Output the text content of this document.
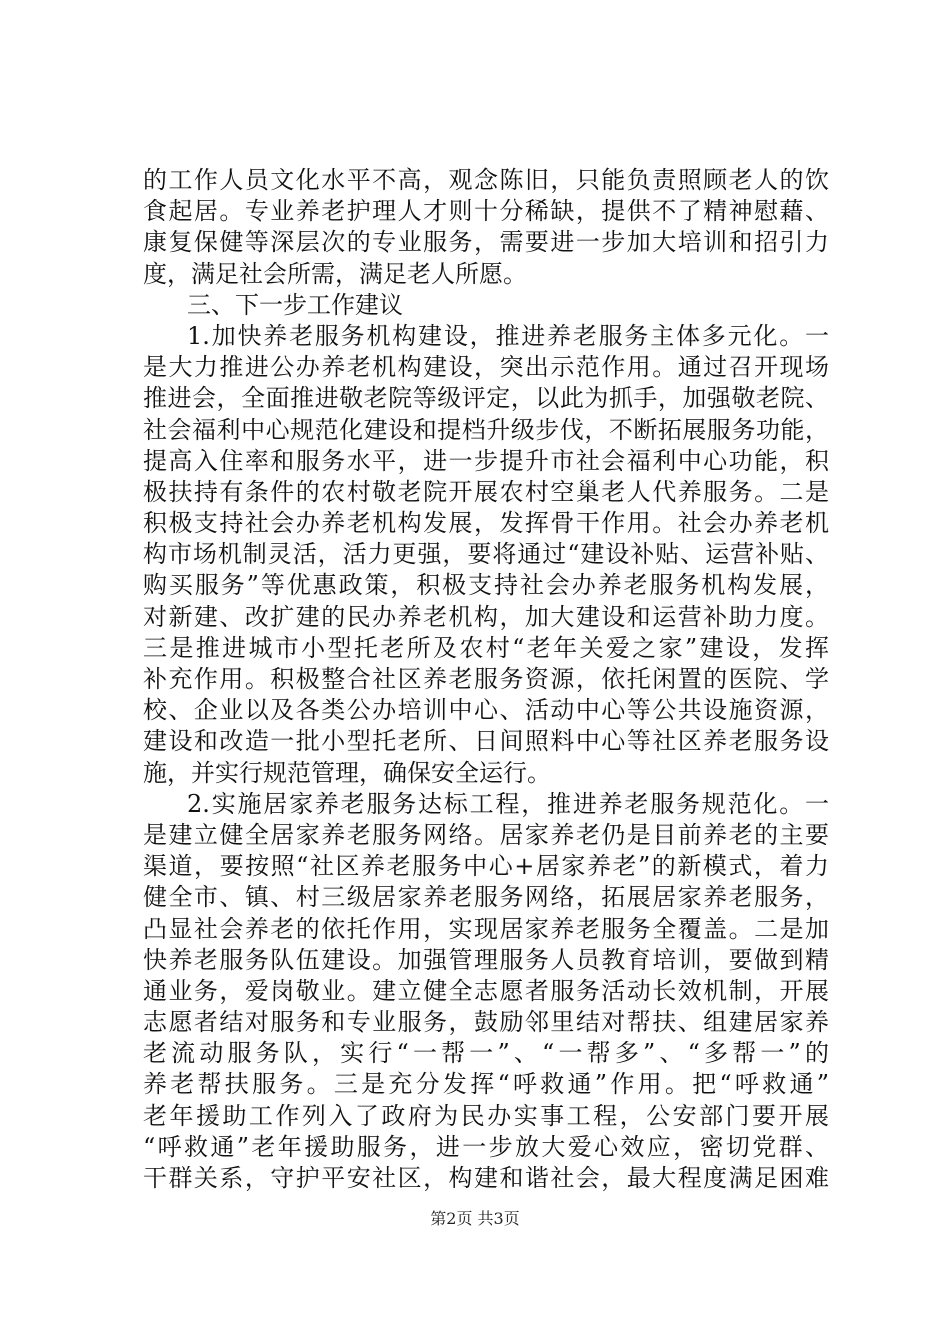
的工作人员文化水平不高，观念陈旧，只能负责照顾老人的饮
食起居。专业养老护理人才则十分稀缺，提供不了精神慰藉、
康复保健等深层次的专业服务，需要进一步加大培训和招引力
度，满足社会所需，满足老人所愿。
三、下一步工作建议
1.加快养老服务机构建设，推进养老服务主体多元化。一
是大力推进公办养老机构建设，突出示范作用。通过召开现场
推进会，全面推进敬老院等级评定，以此为抓手，加强敬老院、
社会福利中心规范化建设和提档升级步伐，不断拓展服务功能，
提高入住率和服务水平，进一步提升市社会福利中心功能，积
极扶持有条件的农村敬老院开展农村空巢老人代养服务。二是
积极支持社会办养老机构发展，发挥骨干作用。社会办养老机
构市场机制灵活，活力更强，要将通过“建设补贴、运营补贴、
购买服务”等优惠政策，积极支持社会办养老服务机构发展，
对新建、改扩建的民办养老机构，加大建设和运营补助力度。
三是推进城市小型托老所及农村“老年关爱之家”建设，发挥
补充作用。积极整合社区养老服务资源，依托闲置的医院、学
校、企业以及各类公办培训中心、活动中心等公共设施资源，
建设和改造一批小型托老所、日间照料中心等社区养老服务设
施，并实行规范管理，确保安全运行。
2.实施居家养老服务达标工程，推进养老服务规范化。一
是建立健全居家养老服务网络。居家养老仍是目前养老的主要
渠道，要按照“社区养老服务中心+居家养老”的新模式，着力
健全市、镇、村三级居家养老服务网络，拓展居家养老服务，
凸显社会养老的依托作用，实现居家养老服务全覆盖。二是加
快养老服务队伍建设。加强管理服务人员教育培训，要做到精
通业务，爱岗敬业。建立健全志愿者服务活动长效机制，开展
志愿者结对服务和专业服务，鼓励邻里结对帮扶、组建居家养
老流动服务队，实行“一帮一”、“一帮多”、“多帮一”的
养老帮扶服务。三是充分发挥“呼救通”作用。把“呼救通”
老年援助工作列入了政府为民办实事工程，公安部门要开展
“呼救通”老年援助服务，进一步放大爱心效应，密切党群、
干群关系，守护平安社区，构建和谐社会，最大程度满足困难
第2页 共3页
